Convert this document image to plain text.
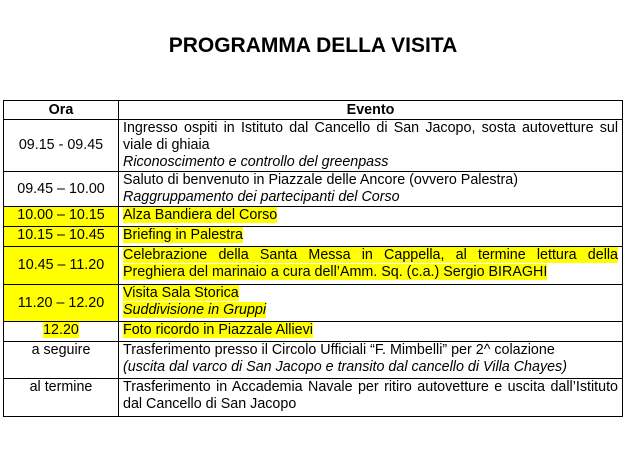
PROGRAMMA DELLA VISITA
Ora	Evento
09.15 - 09.45	Ingresso ospiti in Istituto dal Cancello di San Jacopo, sosta autovetture sul viale di ghiaia
Riconoscimento e controllo del greenpass

09.45 – 10.00	Saluto di benvenuto in Piazzale delle Ancore (ovvero Palestra)
Raggruppamento dei partecipanti del Corso

10.00 – 10.15	Alza Bandiera del Corso
10.15 – 10.45	Briefing in Palestra
10.45 – 11.20	Celebrazione della Santa Messa in Cappella, al termine lettura della Preghiera del marinaio a cura dell’Amm. Sq. (c.a.) Sergio BIRAGHI
11.20 – 12.20	Visita Sala Storica
Suddivisione in Gruppi

12.20	Foto ricordo in Piazzale Allievi
a seguire	Trasferimento presso il Circolo Ufficiali “F. Mimbelli” per 2^ colazione
(uscita dal varco di San Jacopo e transito dal cancello di Villa Chayes)

al termine	Trasferimento in Accademia Navale per ritiro autovetture e uscita dall’Istituto dal Cancello di San Jacopo
